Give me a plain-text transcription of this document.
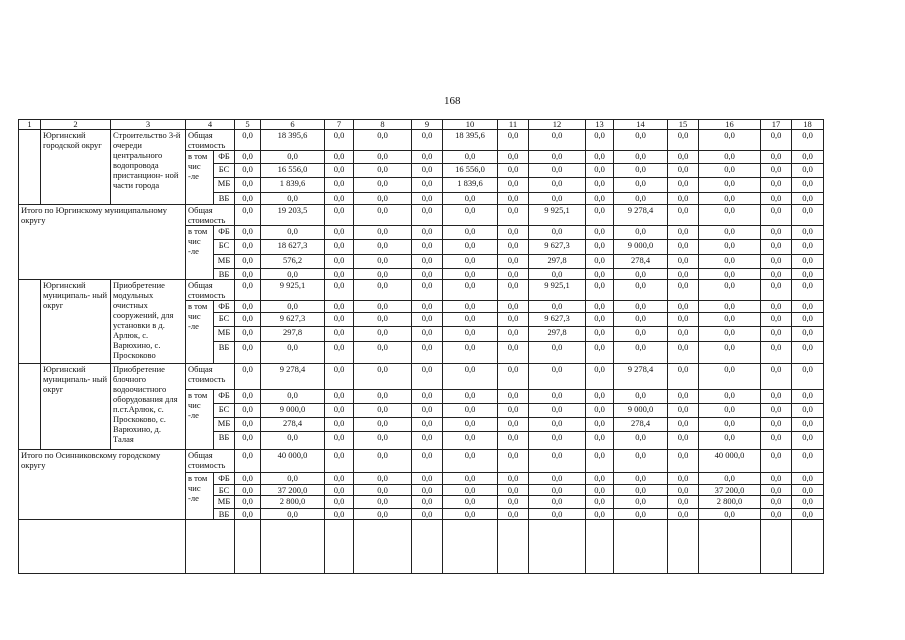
168
1	2	3	4		5	6	7	8	9	10	11	12	13	14	15	16	17	18
	Юргинский городской округ	Строительство 3-й очереди центрального водопровода пристанцион- ной части города	Общая стоимость		0,0	18 395,6	0,0	0,0	0,0	18 395,6	0,0	0,0	0,0	0,0	0,0	0,0	0,0	0,0
			в том чис -ле	ФБ	0,0	0,0	0,0	0,0	0,0	0,0	0,0	0,0	0,0	0,0	0,0	0,0	0,0	0,0
				БС	0,0	16 556,0	0,0	0,0	0,0	16 556,0	0,0	0,0	0,0	0,0	0,0	0,0	0,0	0,0
				МБ	0,0	1 839,6	0,0	0,0	0,0	1 839,6	0,0	0,0	0,0	0,0	0,0	0,0	0,0	0,0
				ВБ	0,0	0,0	0,0	0,0	0,0	0,0	0,0	0,0	0,0	0,0	0,0	0,0	0,0	0,0
Итого по Юргинскому муниципальному округу			Общая стоимость		0,0	19 203,5	0,0	0,0	0,0	0,0	0,0	9 925,1	0,0	9 278,4	0,0	0,0	0,0	0,0
			в том чис -ле	ФБ	0,0	0,0	0,0	0,0	0,0	0,0	0,0	0,0	0,0	0,0	0,0	0,0	0,0	0,0
				БС	0,0	18 627,3	0,0	0,0	0,0	0,0	0,0	9 627,3	0,0	9 000,0	0,0	0,0	0,0	0,0
				МБ	0,0	576,2	0,0	0,0	0,0	0,0	0,0	297,8	0,0	278,4	0,0	0,0	0,0	0,0
				ВБ	0,0	0,0	0,0	0,0	0,0	0,0	0,0	0,0	0,0	0,0	0,0	0,0	0,0	0,0
	Юргинский муниципаль- ный округ	Приобретение модульных очистных сооружений, для установки в д. Арлюк, с. Варюхино, с. Проскоково	Общая стоимость		0,0	9 925,1	0,0	0,0	0,0	0,0	0,0	9 925,1	0,0	0,0	0,0	0,0	0,0	0,0
			в том чис -ле	ФБ	0,0	0,0	0,0	0,0	0,0	0,0	0,0	0,0	0,0	0,0	0,0	0,0	0,0	0,0
				БС	0,0	9 627,3	0,0	0,0	0,0	0,0	0,0	9 627,3	0,0	0,0	0,0	0,0	0,0	0,0
				МБ	0,0	297,8	0,0	0,0	0,0	0,0	0,0	297,8	0,0	0,0	0,0	0,0	0,0	0,0
				ВБ	0,0	0,0	0,0	0,0	0,0	0,0	0,0	0,0	0,0	0,0	0,0	0,0	0,0	0,0
	Юргинский муниципаль- ный округ	Приобретение блочного водоочистного оборудования для п.ст.Арлюк, с. Проскоково, с. Варюхино, д. Талая	Общая стоимость		0,0	9 278,4	0,0	0,0	0,0	0,0	0,0	0,0	0,0	9 278,4	0,0	0,0	0,0	0,0
			в том чис -ле	ФБ	0,0	0,0	0,0	0,0	0,0	0,0	0,0	0,0	0,0	0,0	0,0	0,0	0,0	0,0
				БС	0,0	9 000,0	0,0	0,0	0,0	0,0	0,0	0,0	0,0	9 000,0	0,0	0,0	0,0	0,0
				МБ	0,0	278,4	0,0	0,0	0,0	0,0	0,0	0,0	0,0	278,4	0,0	0,0	0,0	0,0
				ВБ	0,0	0,0	0,0	0,0	0,0	0,0	0,0	0,0	0,0	0,0	0,0	0,0	0,0	0,0
Итого по Осинниковскому городскому округу			Общая стоимость		0,0	40 000,0	0,0	0,0	0,0	0,0	0,0	0,0	0,0	0,0	0,0	40 000,0	0,0	0,0
			в том чис -ле	ФБ	0,0	0,0	0,0	0,0	0,0	0,0	0,0	0,0	0,0	0,0	0,0	0,0	0,0	0,0
				БС	0,0	37 200,0	0,0	0,0	0,0	0,0	0,0	0,0	0,0	0,0	0,0	37 200,0	0,0	0,0
				МБ	0,0	2 800,0	0,0	0,0	0,0	0,0	0,0	0,0	0,0	0,0	0,0	2 800,0	0,0	0,0
				ВБ	0,0	0,0	0,0	0,0	0,0	0,0	0,0	0,0	0,0	0,0	0,0	0,0	0,0	0,0
